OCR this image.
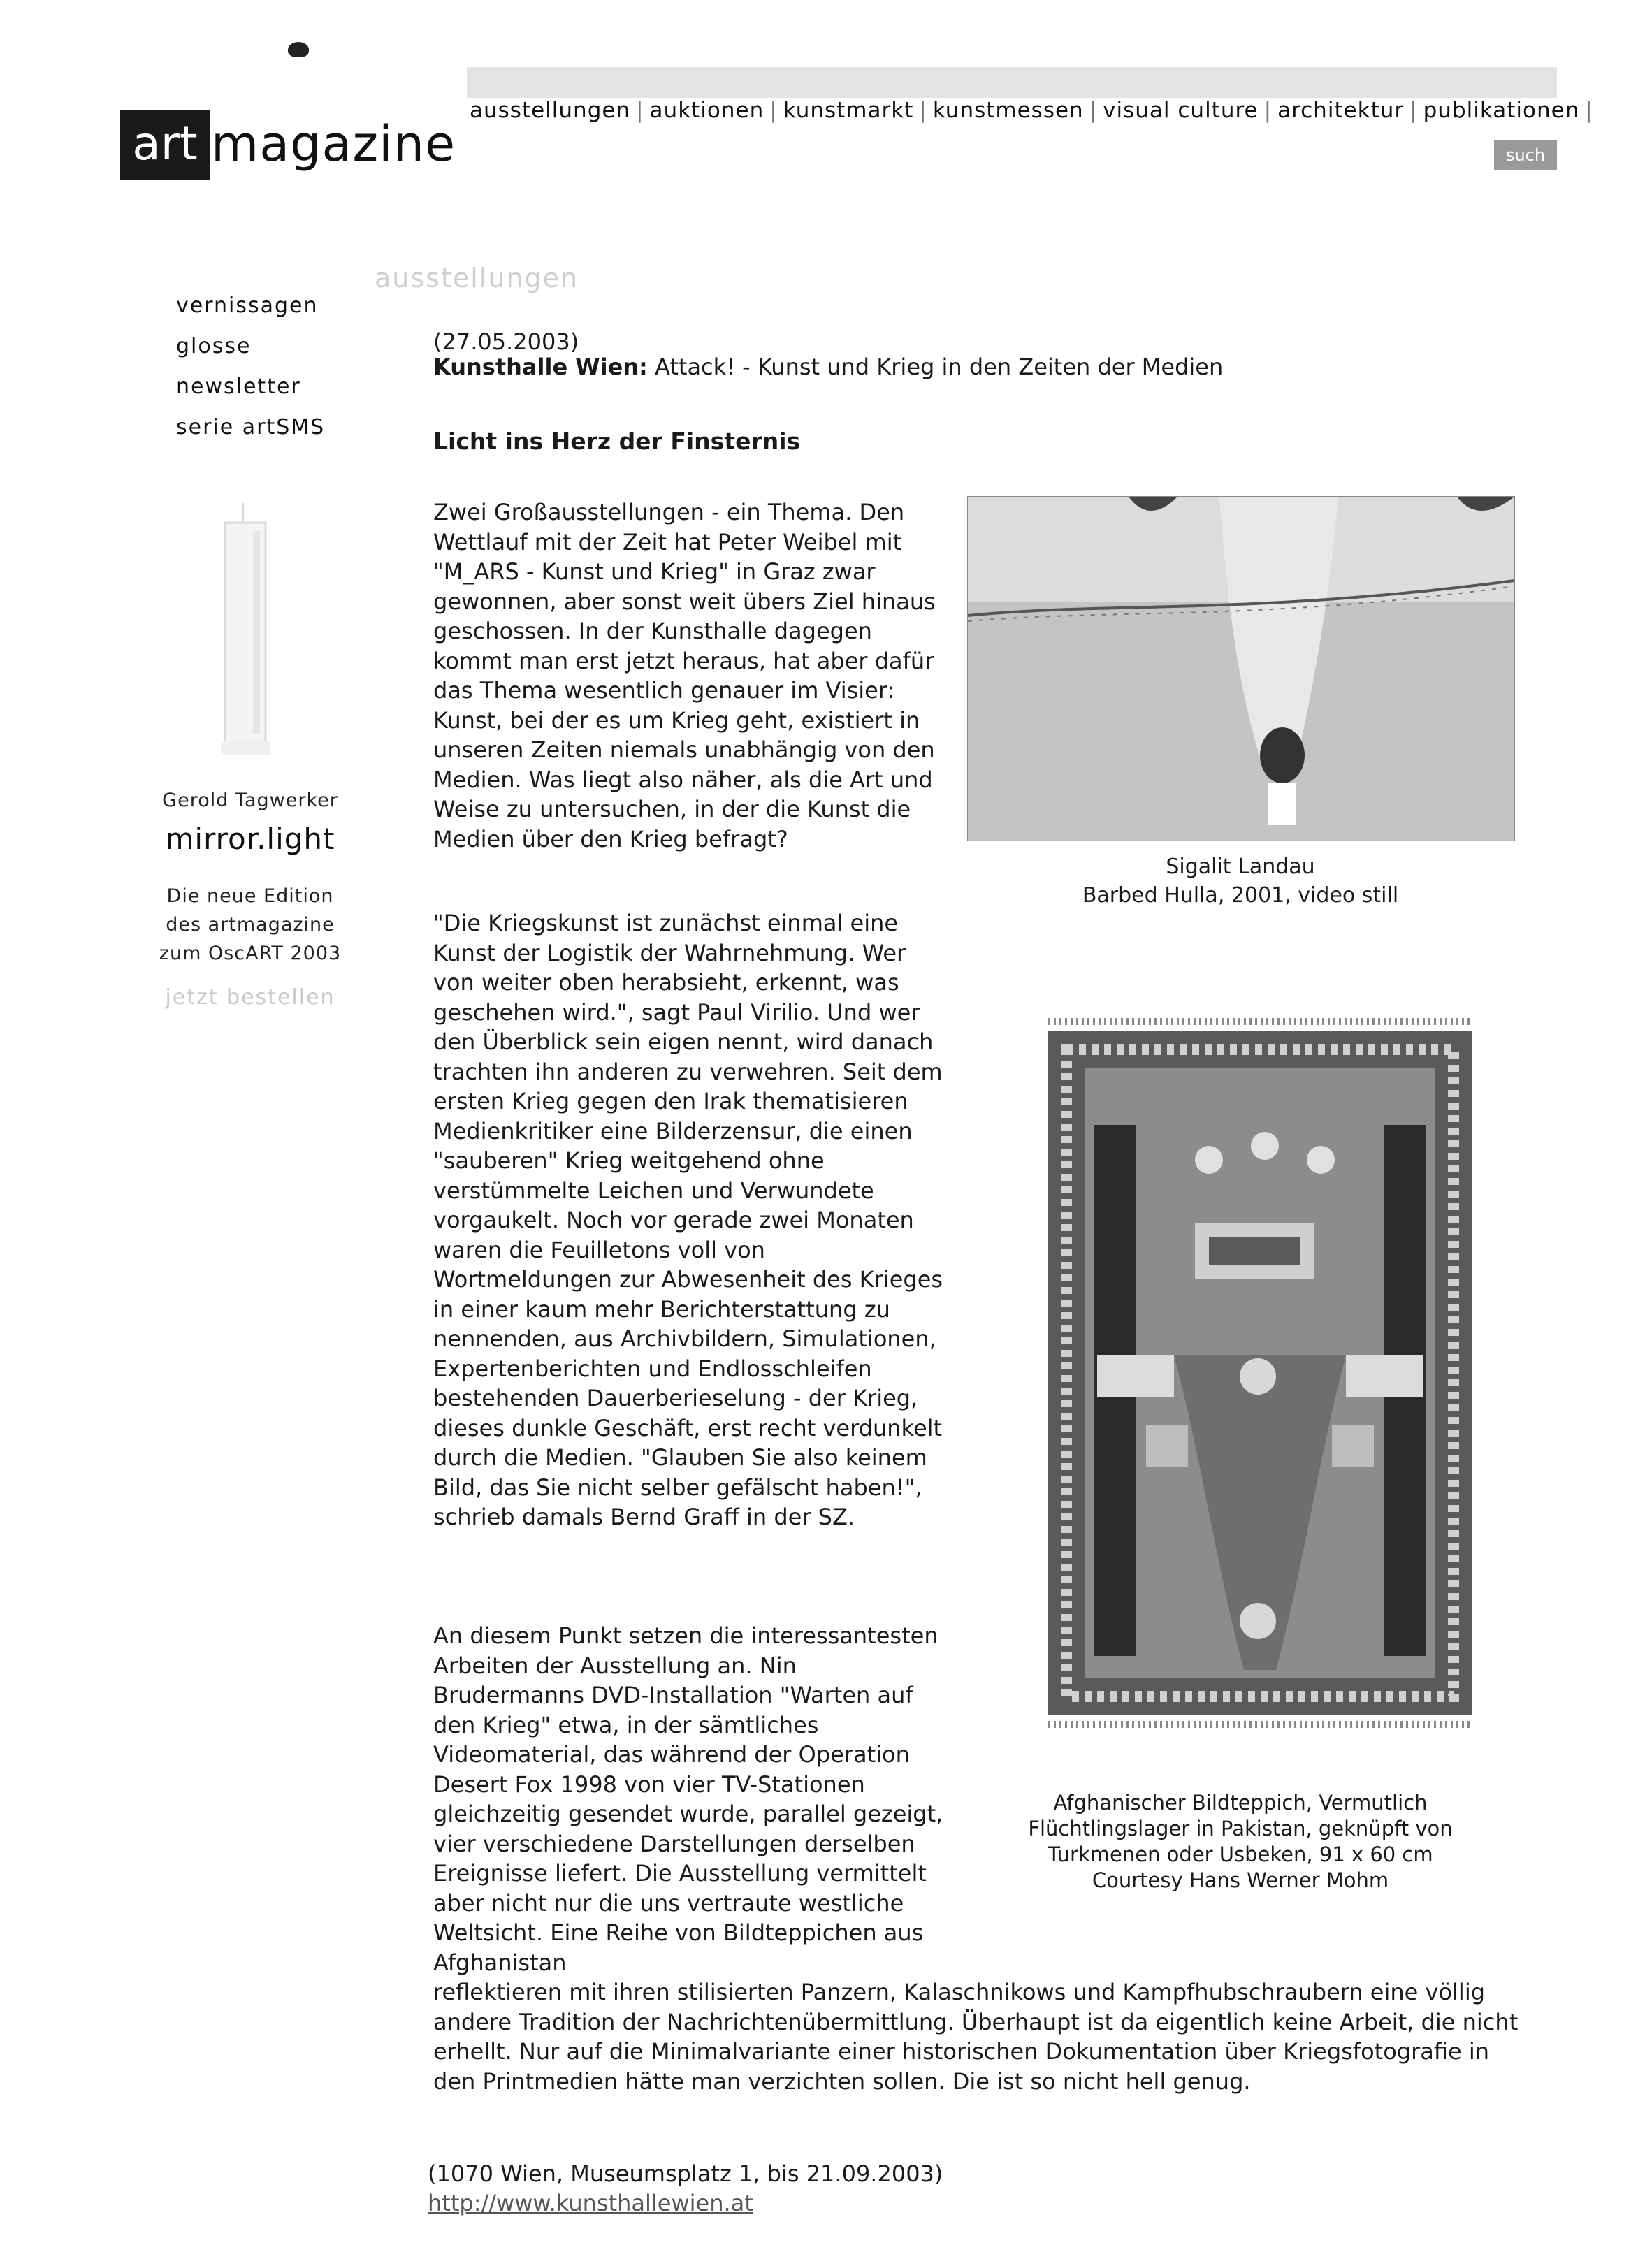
art magazine
ausstellungen | auktionen | kunstmarkt | kunstmessen | visual culture | architektur | publikationen |
such
vernissagen
glosse
newsletter
serie artSMS
Gerold Tagwerker
mirror.light
Die neue Edition
des artmagazine
zum OscART 2003
jetzt bestellen
ausstellungen
(27.05.2003)
Kunsthalle Wien: Attack! - Kunst und Krieg in den Zeiten der Medien
Licht ins Herz der Finsternis
Zwei Großausstellungen - ein Thema. Den Wettlauf mit der Zeit hat Peter Weibel mit "M_ARS - Kunst und Krieg" in Graz zwar gewonnen, aber sonst weit übers Ziel hinaus geschossen. In der Kunsthalle dagegen kommt man erst jetzt heraus, hat aber dafür das Thema wesentlich genauer im Visier: Kunst, bei der es um Krieg geht, existiert in unseren Zeiten niemals unabhängig von den Medien. Was liegt also näher, als die Art und Weise zu untersuchen, in der die Kunst die Medien über den Krieg befragt?
"Die Kriegskunst ist zunächst einmal eine Kunst der Logistik der Wahrnehmung. Wer von weiter oben herabsieht, erkennt, was geschehen wird.", sagt Paul Virilio. Und wer den Überblick sein eigen nennt, wird danach trachten ihn anderen zu verwehren. Seit dem ersten Krieg gegen den Irak thematisieren Medienkritiker eine Bilderzensur, die einen "sauberen" Krieg weitgehend ohne verstümmelte Leichen und Verwundete vorgaukelt. Noch vor gerade zwei Monaten waren die Feuilletons voll von Wortmeldungen zur Abwesenheit des Krieges in einer kaum mehr Berichterstattung zu nennenden, aus Archivbildern, Simulationen, Expertenberichten und Endlosschleifen bestehenden Dauerberieselung - der Krieg, dieses dunkle Geschäft, erst recht verdunkelt durch die Medien. "Glauben Sie also keinem Bild, das Sie nicht selber gefälscht haben!", schrieb damals Bernd Graff in der SZ.
An diesem Punkt setzen die interessantesten Arbeiten der Ausstellung an. Nin Brudermanns DVD-Installation "Warten auf den Krieg" etwa, in der sämtliches Videomaterial, das während der Operation Desert Fox 1998 von vier TV-Stationen gleichzeitig gesendet wurde, parallel gezeigt, vier verschiedene Darstellungen derselben Ereignisse liefert. Die Ausstellung vermittelt aber nicht nur die uns vertraute westliche Weltsicht. Eine Reihe von Bildteppichen aus Afghanistan
reflektieren mit ihren stilisierten Panzern, Kalaschnikows und Kampfhubschraubern eine völlig andere Tradition der Nachrichtenübermittlung. Überhaupt ist da eigentlich keine Arbeit, die nicht erhellt. Nur auf die Minimalvariante einer historischen Dokumentation über Kriegsfotografie in den Printmedien hätte man verzichten sollen. Die ist so nicht hell genug.
(1070 Wien, Museumsplatz 1, bis 21.09.2003)
http://www.kunsthallewien.at
Sigalit Landau
Barbed Hulla, 2001, video still
Afghanischer Bildteppich, Vermutlich
Flüchtlingslager in Pakistan, geknüpft von
Turkmenen oder Usbeken, 91 x 60 cm
Courtesy Hans Werner Mohm
